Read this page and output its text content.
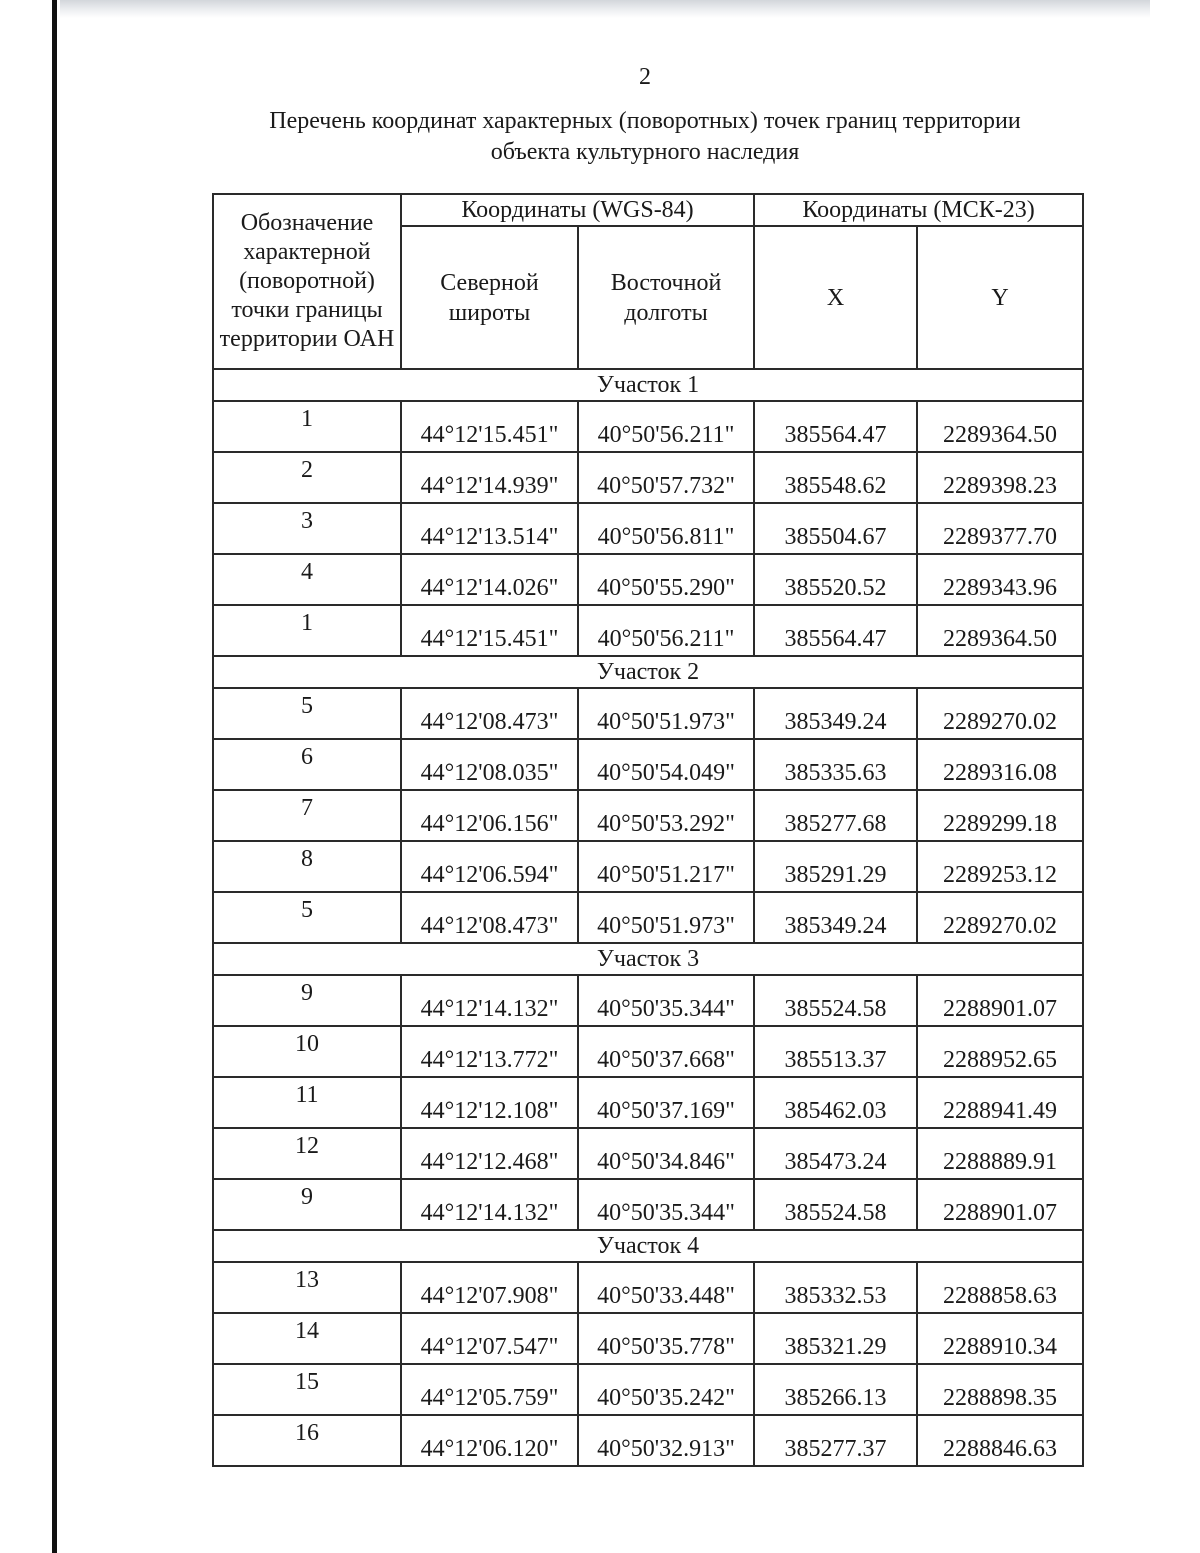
2
Перечень координат характерных (поворотных) точек границ территории
объекта культурного наследия
Обозначение характерной (поворотной) точки границы территории ОАН	Координаты (WGS-84)		Координаты (МСК-23)	
	Северной широты	Восточной долготы	X	Y
Участок 1				
1	44°12'15.451"	40°50'56.211"	385564.47	2289364.50
2	44°12'14.939"	40°50'57.732"	385548.62	2289398.23
3	44°12'13.514"	40°50'56.811"	385504.67	2289377.70
4	44°12'14.026"	40°50'55.290"	385520.52	2289343.96
1	44°12'15.451"	40°50'56.211"	385564.47	2289364.50
Участок 2				
5	44°12'08.473"	40°50'51.973"	385349.24	2289270.02
6	44°12'08.035"	40°50'54.049"	385335.63	2289316.08
7	44°12'06.156"	40°50'53.292"	385277.68	2289299.18
8	44°12'06.594"	40°50'51.217"	385291.29	2289253.12
5	44°12'08.473"	40°50'51.973"	385349.24	2289270.02
Участок 3				
9	44°12'14.132"	40°50'35.344"	385524.58	2288901.07
10	44°12'13.772"	40°50'37.668"	385513.37	2288952.65
11	44°12'12.108"	40°50'37.169"	385462.03	2288941.49
12	44°12'12.468"	40°50'34.846"	385473.24	2288889.91
9	44°12'14.132"	40°50'35.344"	385524.58	2288901.07
Участок 4				
13	44°12'07.908"	40°50'33.448"	385332.53	2288858.63
14	44°12'07.547"	40°50'35.778"	385321.29	2288910.34
15	44°12'05.759"	40°50'35.242"	385266.13	2288898.35
16	44°12'06.120"	40°50'32.913"	385277.37	2288846.63
